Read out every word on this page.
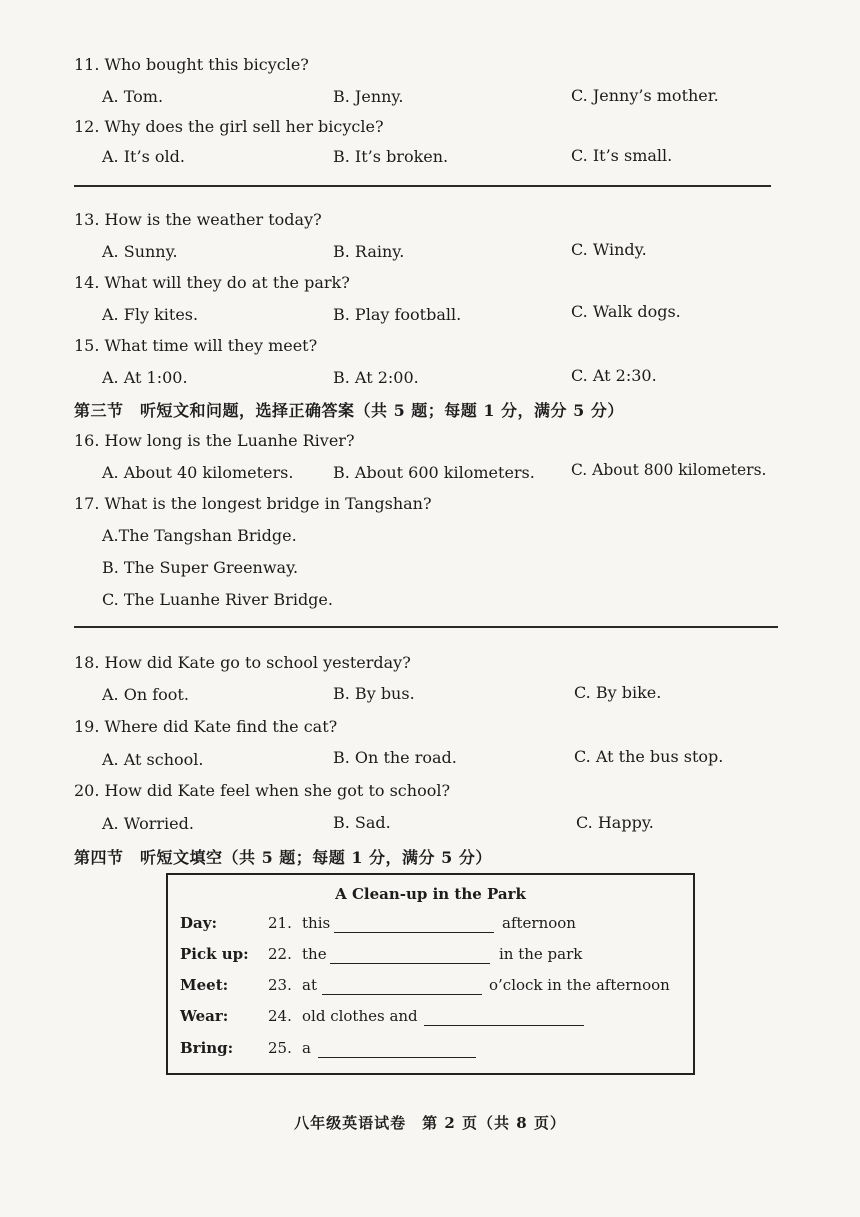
11. Who bought this bicycle?
A. Tom.	B. Jenny.	C. Jenny’s mother.
12. Why does the girl sell her bicycle?
A. It’s old.	B. It’s broken.	C. It’s small.
13. How is the weather today?
A. Sunny.	B. Rainy.	C. Windy.
14. What will they do at the park?
A. Fly kites.	B. Play football.	C. Walk dogs.
15. What time will they meet?
A. At 1:00.	B. At 2:00.	C. At 2:30.
第三节　听短文和问题，选择正确答案（共 5 题；每题 1 分，满分 5 分）
16. How long is the Luanhe River?
A. About 40 kilometers. B. About 600 kilometers. C. About 800 kilometers.
17. What is the longest bridge in Tangshan?
A.The Tangshan Bridge.
B. The Super Greenway.
C. The Luanhe River Bridge.
18. How did Kate go to school yesterday?
A. On foot.	B. By bus.	C. By bike.
19. Where did Kate find the cat?
A. At school.	B. On the road.	C. At the bus stop.
20. How did Kate feel when she got to school?
A. Worried.	B. Sad.	C. Happy.
第四节　听短文填空（共 5 题；每题 1 分，满分 5 分）
A Clean-up in the Park
Day:	21. this	afternoon
Pick up: 22. the	in the park
Meet:	23. at	o’clock in the afternoon
Wear:	24. old clothes and
Bring: 25. a
八年级英语试卷　第 2 页（共 8 页）
